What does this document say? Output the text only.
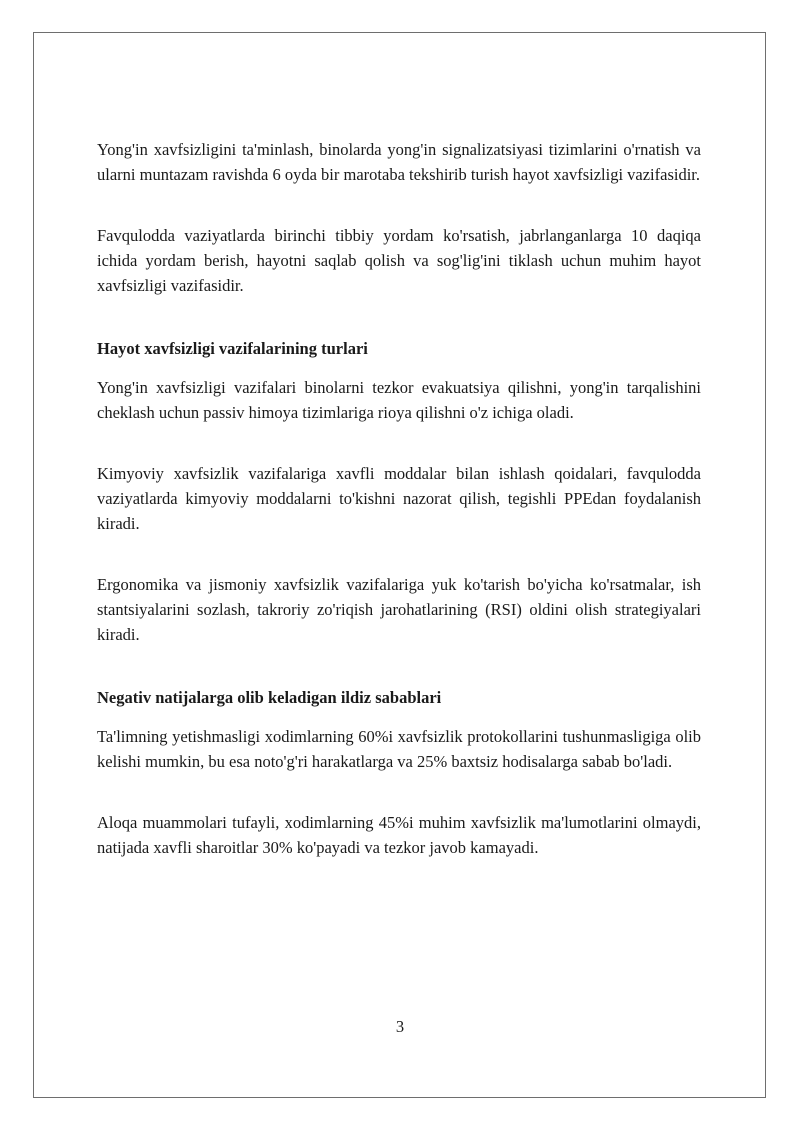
Yong'in xavfsizligini ta'minlash, binolarda yong'in signalizatsiyasi tizimlarini o'rnatish va ularni muntazam ravishda 6 oyda bir marotaba tekshirib turish hayot xavfsizligi vazifasidir.

Favqulodda vaziyatlarda birinchi tibbiy yordam ko'rsatish, jabrlanganlarga 10 daqiqa ichida yordam berish, hayotni saqlab qolish va sog'lig'ini tiklash uchun muhim hayot xavfsizligi vazifasidir.

Hayot xavfsizligi vazifalarining turlari

Yong'in xavfsizligi vazifalari binolarni tezkor evakuatsiya qilishni, yong'in tarqalishini cheklash uchun passiv himoya tizimlariga rioya qilishni o'z ichiga oladi.

Kimyoviy xavfsizlik vazifalariga xavfli moddalar bilan ishlash qoidalari, favqulodda vaziyatlarda kimyoviy moddalarni to'kishni nazorat qilish, tegishli PPEdan foydalanish kiradi.

Ergonomika va jismoniy xavfsizlik vazifalariga yuk ko'tarish bo'yicha ko'rsatmalar, ish stantsiyalarini sozlash, takroriy zo'riqish jarohatlarining (RSI) oldini olish strategiyalari kiradi.

Negativ natijalarga olib keladigan ildiz sabablari

Ta'limning yetishmasligi xodimlarning 60%i xavfsizlik protokollarini tushunmasligiga olib kelishi mumkin, bu esa noto'g'ri harakatlarga va 25% baxtsiz hodisalarga sabab bo'ladi.

Aloqa muammolari tufayli, xodimlarning 45%i muhim xavfsizlik ma'lumotlarini olmaydi, natijada xavfli sharoitlar 30% ko'payadi va tezkor javob kamayadi.

3
